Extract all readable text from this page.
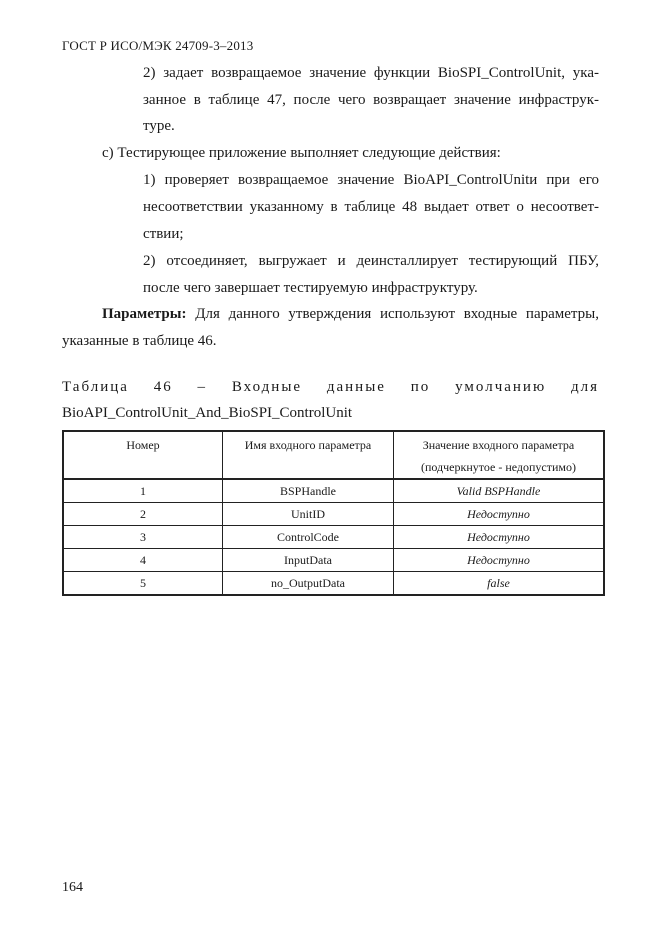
ГОСТ Р ИСО/МЭК 24709-3–2013
2) задает возвращаемое значение функции BioSPI_ControlUnit, ука-
занное в таблице 47, после чего возвращает значение инфраструк-
туре.
c) Тестирующее приложение выполняет следующие действия:
1) проверяет возвращаемое значение BioAPI_ControlUnitи при его
несоответствии указанному в таблице 48 выдает ответ о несоответ-
ствии;
2) отсоединяет, выгружает и деинсталлирует тестирующий ПБУ,
после чего завершает тестируемую инфраструктуру.
Параметры: Для данного утверждения используют входные параметры,
указанные в таблице 46.
Таблица 46 – Входные данные по умолчанию для
BioAPI_ControlUnit_And_BioSPI_ControlUnit
Номер	Имя входного параметра	Значение входного параметра
(подчеркнутое - недопустимо)
1	BSPHandle	Valid BSPHandle
2	UnitID	Недоступно
3	ControlCode	Недоступно
4	InputData	Недоступно
5	no_OutputData	false
164
